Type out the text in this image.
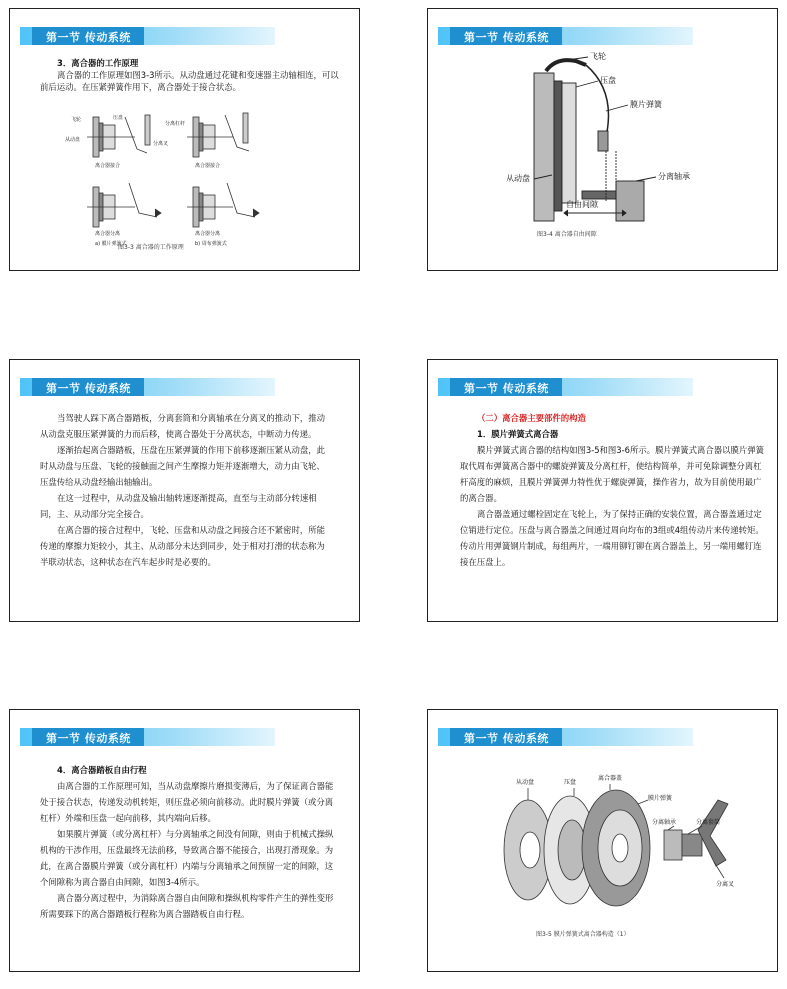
第一节 传动系统

3．离合器的工作原理

离合器的工作原理如图3-3所示。从动盘通过花键和变速器主动轴相连，可以前后运动。在压紧弹簧作用下，离合器处于接合状态。

飞轮
从动盘
压盘
分离杠杆
分离叉
离合器接合	离合器接合
离合器分离	离合器分离
a) 膜片弹簧式	b) 周布弹簧式
图3-3 离合器的工作原理
第一节 传动系统
飞轮
压盘
膜片弹簧
从动盘	分离轴承
自由间隙
图3-4 离合器自由间隙
第一节 传动系统

当驾驶人踩下离合器踏板，分离套筒和分离轴承在分离叉的推动下，推动从动盘克服压紧弹簧的力而后移，使离合器处于分离状态，中断动力传递。

逐渐抬起离合器踏板，压盘在压紧弹簧的作用下前移逐渐压紧从动盘，此时从动盘与压盘、飞轮的接触面之间产生摩擦力矩并逐渐增大，动力由飞轮、压盘传给从动盘经输出轴输出。

在这一过程中，从动盘及输出轴转速逐渐提高，直至与主动部分转速相同，主、从动部分完全接合。

在离合器的接合过程中，飞轮、压盘和从动盘之间接合还不紧密时，所能传递的摩擦力矩较小，其主、从动部分未达到同步，处于相对打滑的状态称为半联动状态，这种状态在汽车起步时是必要的。

第一节 传动系统

（二）离合器主要部件的构造

1．膜片弹簧式离合器

膜片弹簧式离合器的结构如图3-5和图3-6所示。膜片弹簧式离合器以膜片弹簧取代周布弹簧离合器中的螺旋弹簧及分离杠杆，使结构简单，并可免除调整分离杠杆高度的麻烦，且膜片弹簧弹力特性优于螺旋弹簧，操作省力，故为目前使用最广的离合器。

离合器盖通过螺栓固定在飞轮上，为了保持正确的安装位置，离合器盖通过定位销进行定位。压盘与离合器盖之间通过周向均布的3组或4组传动片来传递转矩。传动片用弹簧钢片制成，每组两片，一端用铆钉铆在离合器盖上，另一端用螺钉连接在压盘上。

第一节 传动系统

4．离合器踏板自由行程

由离合器的工作原理可知，当从动盘摩擦片磨损变薄后，为了保证离合器能处于接合状态，传递发动机转矩，则压盘必须向前移动。此时膜片弹簧（或分离杠杆）外端和压盘一起向前移，其内端向后移。

如果膜片弹簧（或分离杠杆）与分离轴承之间没有间隙，则由于机械式操纵机构的干涉作用，压盘最终无法前移，导致离合器不能接合，出现打滑现象。为此，在离合器膜片弹簧（或分离杠杆）内端与分离轴承之间预留一定的间隙，这个间隙称为离合器自由间隙，如图3-4所示。

离合器分离过程中，为消除离合器自由间隙和操纵机构零件产生的弹性变形所需要踩下的离合器踏板行程称为离合器踏板自由行程。

第一节 传动系统
从动盘	压盘
离合器盖
膜片弹簧
分离轴承	分离套筒
分离叉
图3-5 膜片弹簧式离合器构造（1）
